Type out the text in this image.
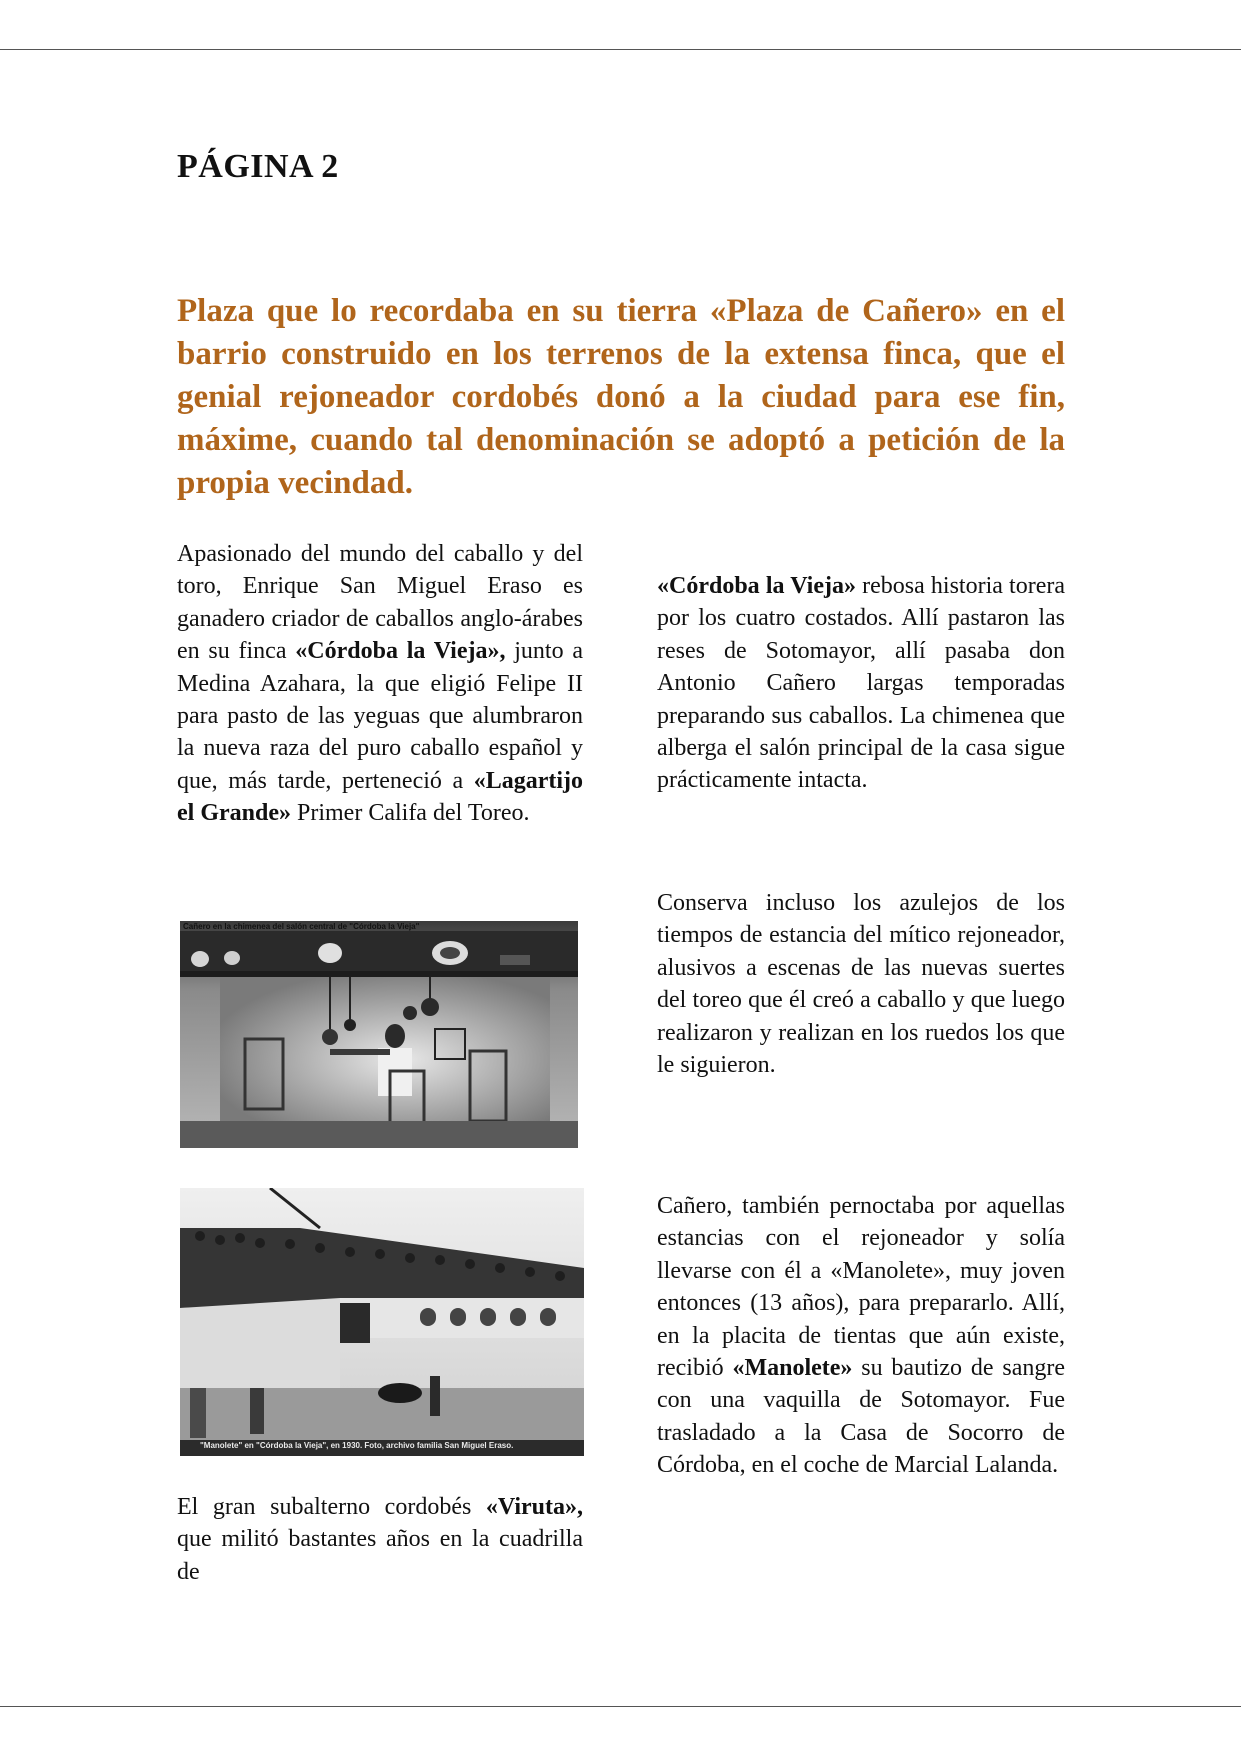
PÁGINA 2

Plaza que lo recordaba en su tierra «Plaza de Cañero» en el barrio construido en los terrenos de la extensa finca, que el genial rejoneador cordobés donó a la ciudad para ese fin, máxime, cuando tal denominación se adoptó a petición de la propia vecindad.

Apasionado del mundo del caballo y del toro, Enrique San Miguel Eraso es ganadero criador de caballos anglo-árabes en su finca «Córdoba la Vieja», junto a Medina Azahara, la que eligió Felipe II para pasto de las yeguas que alumbraron la nueva raza del puro caballo español y que, más tarde, perteneció a «Lagartijo el Grande» Primer Califa del Toreo.

Cañero en la chimenea del salón central de "Córdoba la Vieja"
"Manolete" en "Córdoba la Vieja", en 1930. Foto, archivo familia San Miguel Eraso.

El gran subalterno cordobés «Viruta», que militó bastantes años en la cuadrilla de

«Córdoba la Vieja» rebosa historia torera por los cuatro costados. Allí pastaron las reses de Sotomayor, allí pasaba don Antonio Cañero largas temporadas preparando sus caballos. La chimenea que alberga el salón principal de la casa sigue prácticamente intacta.

Conserva incluso los azulejos de los tiempos de estancia del mítico rejoneador, alusivos a escenas de las nuevas suertes del toreo que él creó a caballo y que luego realizaron y realizan en los ruedos los que le siguieron.

Cañero, también pernoctaba por aquellas estancias con el rejoneador y solía llevarse con él a «Manolete», muy joven entonces (13 años), para prepararlo. Allí, en la placita de tientas que aún existe, recibió «Manolete» su bautizo de sangre con una vaquilla de Sotomayor. Fue trasladado a la Casa de Socorro de Córdoba, en el coche de Marcial Lalanda.
